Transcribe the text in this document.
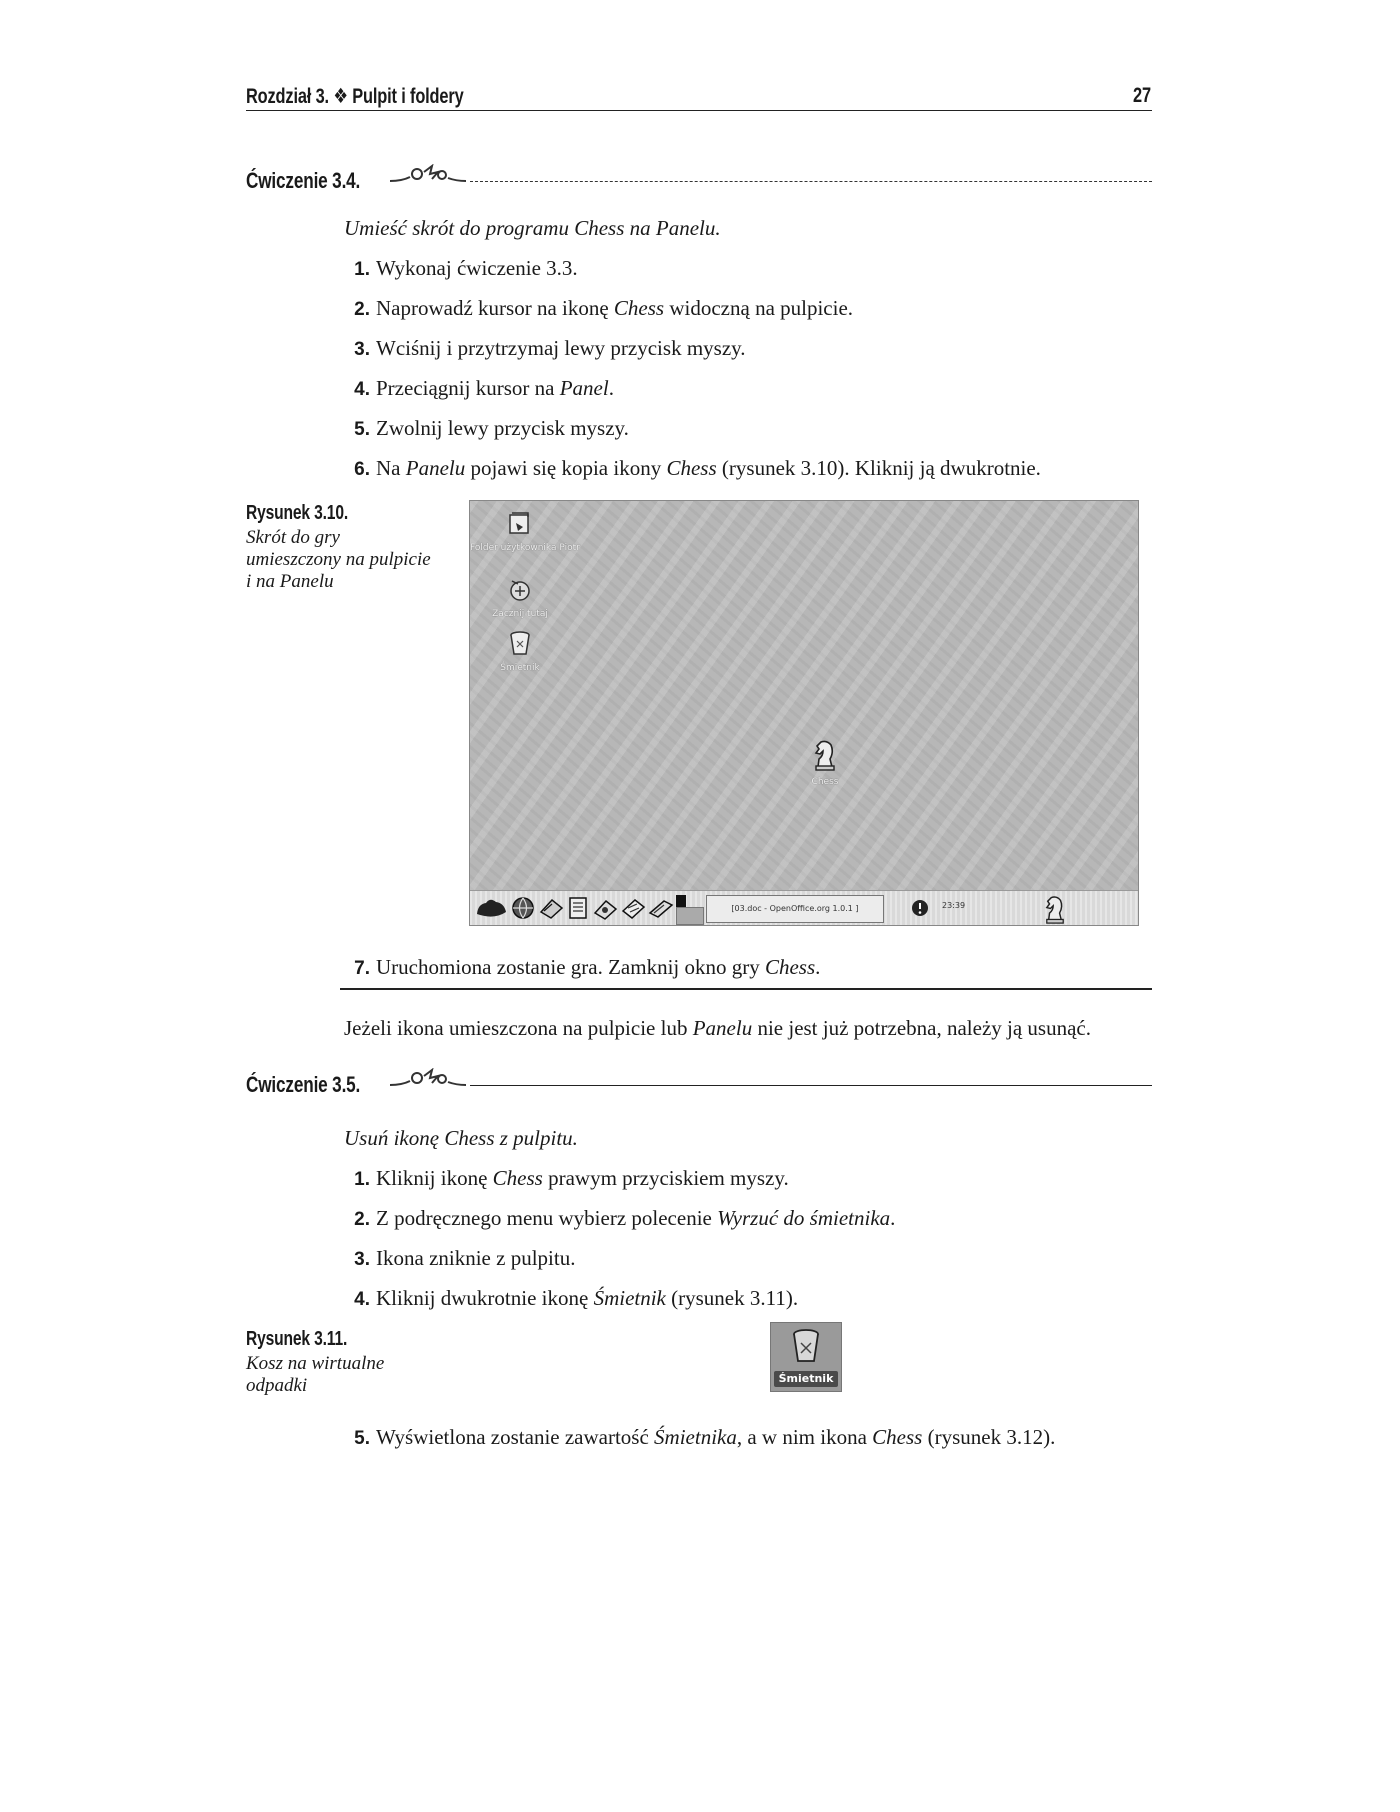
Rozdział 3. ❖ Pulpit i foldery	27
Ćwiczenie 3.4.
Umieść skrót do programu Chess na Panelu.
1. Wykonaj ćwiczenie 3.3.
2. Naprowadź kursor na ikonę Chess widoczną na pulpicie.
3. Wciśnij i przytrzymaj lewy przycisk myszy.
4. Przeciągnij kursor na Panel.
5. Zwolnij lewy przycisk myszy.
6. Na Panelu pojawi się kopia ikony Chess (rysunek 3.10). Kliknij ją dwukrotnie.
Rysunek 3.10.
Skrót do gry umieszczony na pulpicie i na Panelu
Folder użytkownika Piotr
Zacznij tutaj
Śmietnik
Chess
[03.doc - OpenOffice.org 1.0.1 ]	23:39
7. Uruchomiona zostanie gra. Zamknij okno gry Chess.
Jeżeli ikona umieszczona na pulpicie lub Panelu nie jest już potrzebna, należy ją usunąć.
Ćwiczenie 3.5.
Usuń ikonę Chess z pulpitu.
1. Kliknij ikonę Chess prawym przyciskiem myszy.
2. Z podręcznego menu wybierz polecenie Wyrzuć do śmietnika.
3. Ikona zniknie z pulpitu.
4. Kliknij dwukrotnie ikonę Śmietnik (rysunek 3.11).
Rysunek 3.11.
Kosz na wirtualne odpadki	Śmietnik
5. Wyświetlona zostanie zawartość Śmietnika, a w nim ikona Chess (rysunek 3.12).
